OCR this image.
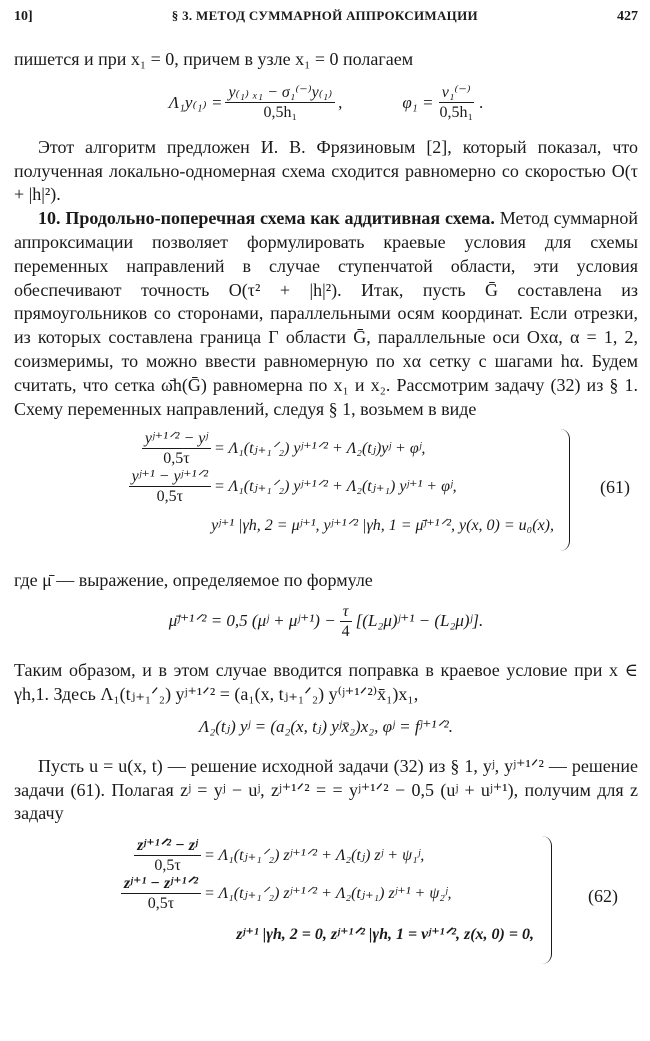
10]	§ 3. МЕТОД СУММАРНОЙ АППРОКСИМАЦИИ	427

пишется и при x₁ = 0, причем в узле x₁ = 0 полагаем

$\Lambda_1y_{(1)} = \frac{\text{y₍₁₎ ₓ₁ − σ₁⁽⁻⁾y₍₁₎}}{\text{0,5h₁}}$ ,	$\varphi_1 = \frac{\text{ν₁⁽⁻⁾}}{\text{0,5h₁}}$ .

Этот алгоритм предложен И. В. Фрязиновым [2], который показал, что полученная локально-одномерная схема сходится равномерно со скоростью O(τ + |h|²).

10. Продольно-поперечная схема как аддитивная схема. Метод суммарной аппроксимации позволяет формулировать краевые условия для схемы переменных направлений в случае ступенчатой области, эти условия обеспечивают точность O(τ² + |h|²). Итак, пусть Ḡ составлена из прямоугольников со сторонами, параллельными осям координат. Если отрезки, из которых составлена граница Γ области Ḡ, параллельные оси Oxα, α = 1, 2, соизмеримы, то можно ввести равномерную по xα сетку с шагами hα. Будем считать, что сетка ω̄h(Ḡ) равномерна по x₁ и x₂. Рассмотрим задачу (32) из § 1. Схему переменных направлений, следуя § 1, возьмем в виде

$\frac{\text{yʲ⁺¹ᐟ² − yʲ}}{0,5\tau}$ = Λ₁(tⱼ₊₁ᐟ₂) yʲ⁺¹ᐟ² + Λ₂(tⱼ)yʲ + φʲ,
$\frac{\text{yʲ⁺¹ − yʲ⁺¹ᐟ²}}{0,5\tau}$ = Λ₁(tⱼ₊₁ᐟ₂) yʲ⁺¹ᐟ² + Λ₂(tⱼ₊₁) yʲ⁺¹ + φʲ,
yʲ⁺¹ |γh, 2 = μʲ⁺¹, yʲ⁺¹ᐟ² |γh, 1 = μ̄ʲ⁺¹ᐟ², y(x, 0) = u₀(x),
(61)

где μ̄ — выражение, определяемое по формуле

μ̄ʲ⁺¹ᐟ² = 0,5 (μʲ + μʲ⁺¹) − $\frac{\tau}{4}$ [(L₂μ)ʲ⁺¹ − (L₂μ)ʲ].

Таким образом, и в этом случае вводится поправка в краевое условие при x ∈ γh,1. Здесь Λ₁(tⱼ₊₁ᐟ₂) yʲ⁺¹ᐟ² = (a₁(x, tⱼ₊₁ᐟ₂) y⁽ʲ⁺¹ᐟ²⁾x̄₁)x₁,

Λ₂(tⱼ) yʲ = (a₂(x, tⱼ) yʲx̄₂)x₂, φʲ = fʲ⁺¹ᐟ².

Пусть u = u(x, t) — решение исходной задачи (32) из § 1, yʲ, yʲ⁺¹ᐟ² — решение задачи (61). Полагая zʲ = yʲ − uʲ, zʲ⁺¹ᐟ² = = yʲ⁺¹ᐟ² − 0,5 (uʲ + uʲ⁺¹), получим для z задачу

$\frac{\text{zʲ⁺¹ᐟ² − zʲ}}{0,5\tau}$ = Λ₁(tⱼ₊₁ᐟ₂) zʲ⁺¹ᐟ² + Λ₂(tⱼ) zʲ + ψ₁ʲ,
$\frac{\text{zʲ⁺¹ − zʲ⁺¹ᐟ²}}{0,5\tau}$ = Λ₁(tⱼ₊₁ᐟ₂) zʲ⁺¹ᐟ² + Λ₂(tⱼ₊₁) zʲ⁺¹ + ψ₂ʲ,
zʲ⁺¹ |γh, 2 = 0, zʲ⁺¹ᐟ² |γh, 1 = νʲ⁺¹ᐟ², z(x, 0) = 0,
(62)
